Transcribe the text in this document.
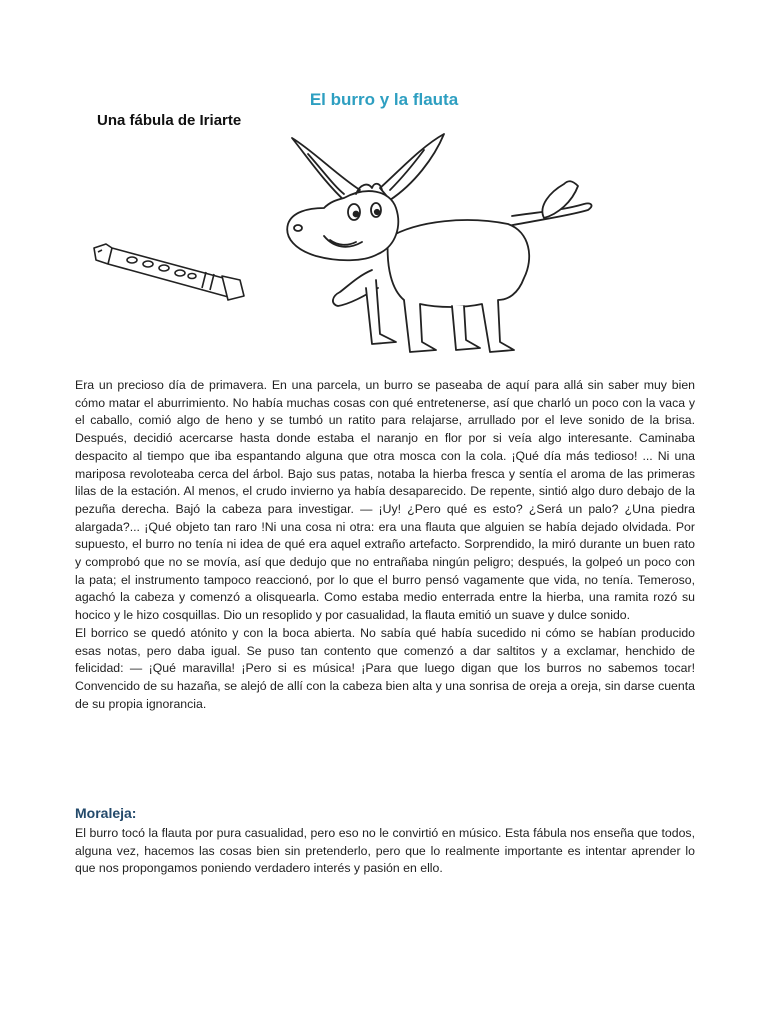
El burro y la flauta
Una fábula de Iriarte

Era un precioso día de primavera. En una parcela, un burro se paseaba de aquí para allá sin saber muy bien cómo matar el aburrimiento. No había muchas cosas con qué entretenerse, así que charló un poco con la vaca y el caballo, comió algo de heno y se tumbó un ratito para relajarse, arrullado por el leve sonido de la brisa. Después, decidió acercarse hasta donde estaba el naranjo en flor por si veía algo interesante. Caminaba despacito al tiempo que iba espantando alguna que otra mosca con la cola. ¡Qué día más tedioso! ... Ni una mariposa revoloteaba cerca del árbol. Bajo sus patas, notaba la hierba fresca y sentía el aroma de las primeras lilas de la estación. Al menos, el crudo invierno ya había desaparecido. De repente, sintió algo duro debajo de la pezuña derecha. Bajó la cabeza para investigar. — ¡Uy! ¿Pero qué es esto? ¿Será un palo? ¿Una piedra alargada?... ¡Qué objeto tan raro !Ni una cosa ni otra: era una flauta que alguien se había dejado olvidada. Por supuesto, el burro no tenía ni idea de qué era aquel extraño artefacto. Sorprendido, la miró durante un buen rato y comprobó que no se movía, así que dedujo que no entrañaba ningún peligro; después, la golpeó un poco con la pata; el instrumento tampoco reaccionó, por lo que el burro pensó vagamente que vida, no tenía. Temeroso, agachó la cabeza y comenzó a olisquearla. Como estaba medio enterrada entre la hierba, una ramita rozó su hocico y le hizo cosquillas. Dio un resoplido y por casualidad, la flauta emitió un suave y dulce sonido.

El borrico se quedó atónito y con la boca abierta. No sabía qué había sucedido ni cómo se habían producido esas notas, pero daba igual. Se puso tan contento que comenzó a dar saltitos y a exclamar, henchido de felicidad: — ¡Qué maravilla! ¡Pero si es música! ¡Para que luego digan que los burros no sabemos tocar! Convencido de su hazaña, se alejó de allí con la cabeza bien alta y una sonrisa de oreja a oreja, sin darse cuenta de su propia ignorancia.

Moraleja:
El burro tocó la flauta por pura casualidad, pero eso no le convirtió en músico. Esta fábula nos enseña que todos, alguna vez, hacemos las cosas bien sin pretenderlo, pero que lo realmente importante es intentar aprender lo que nos propongamos poniendo verdadero interés y pasión en ello.
